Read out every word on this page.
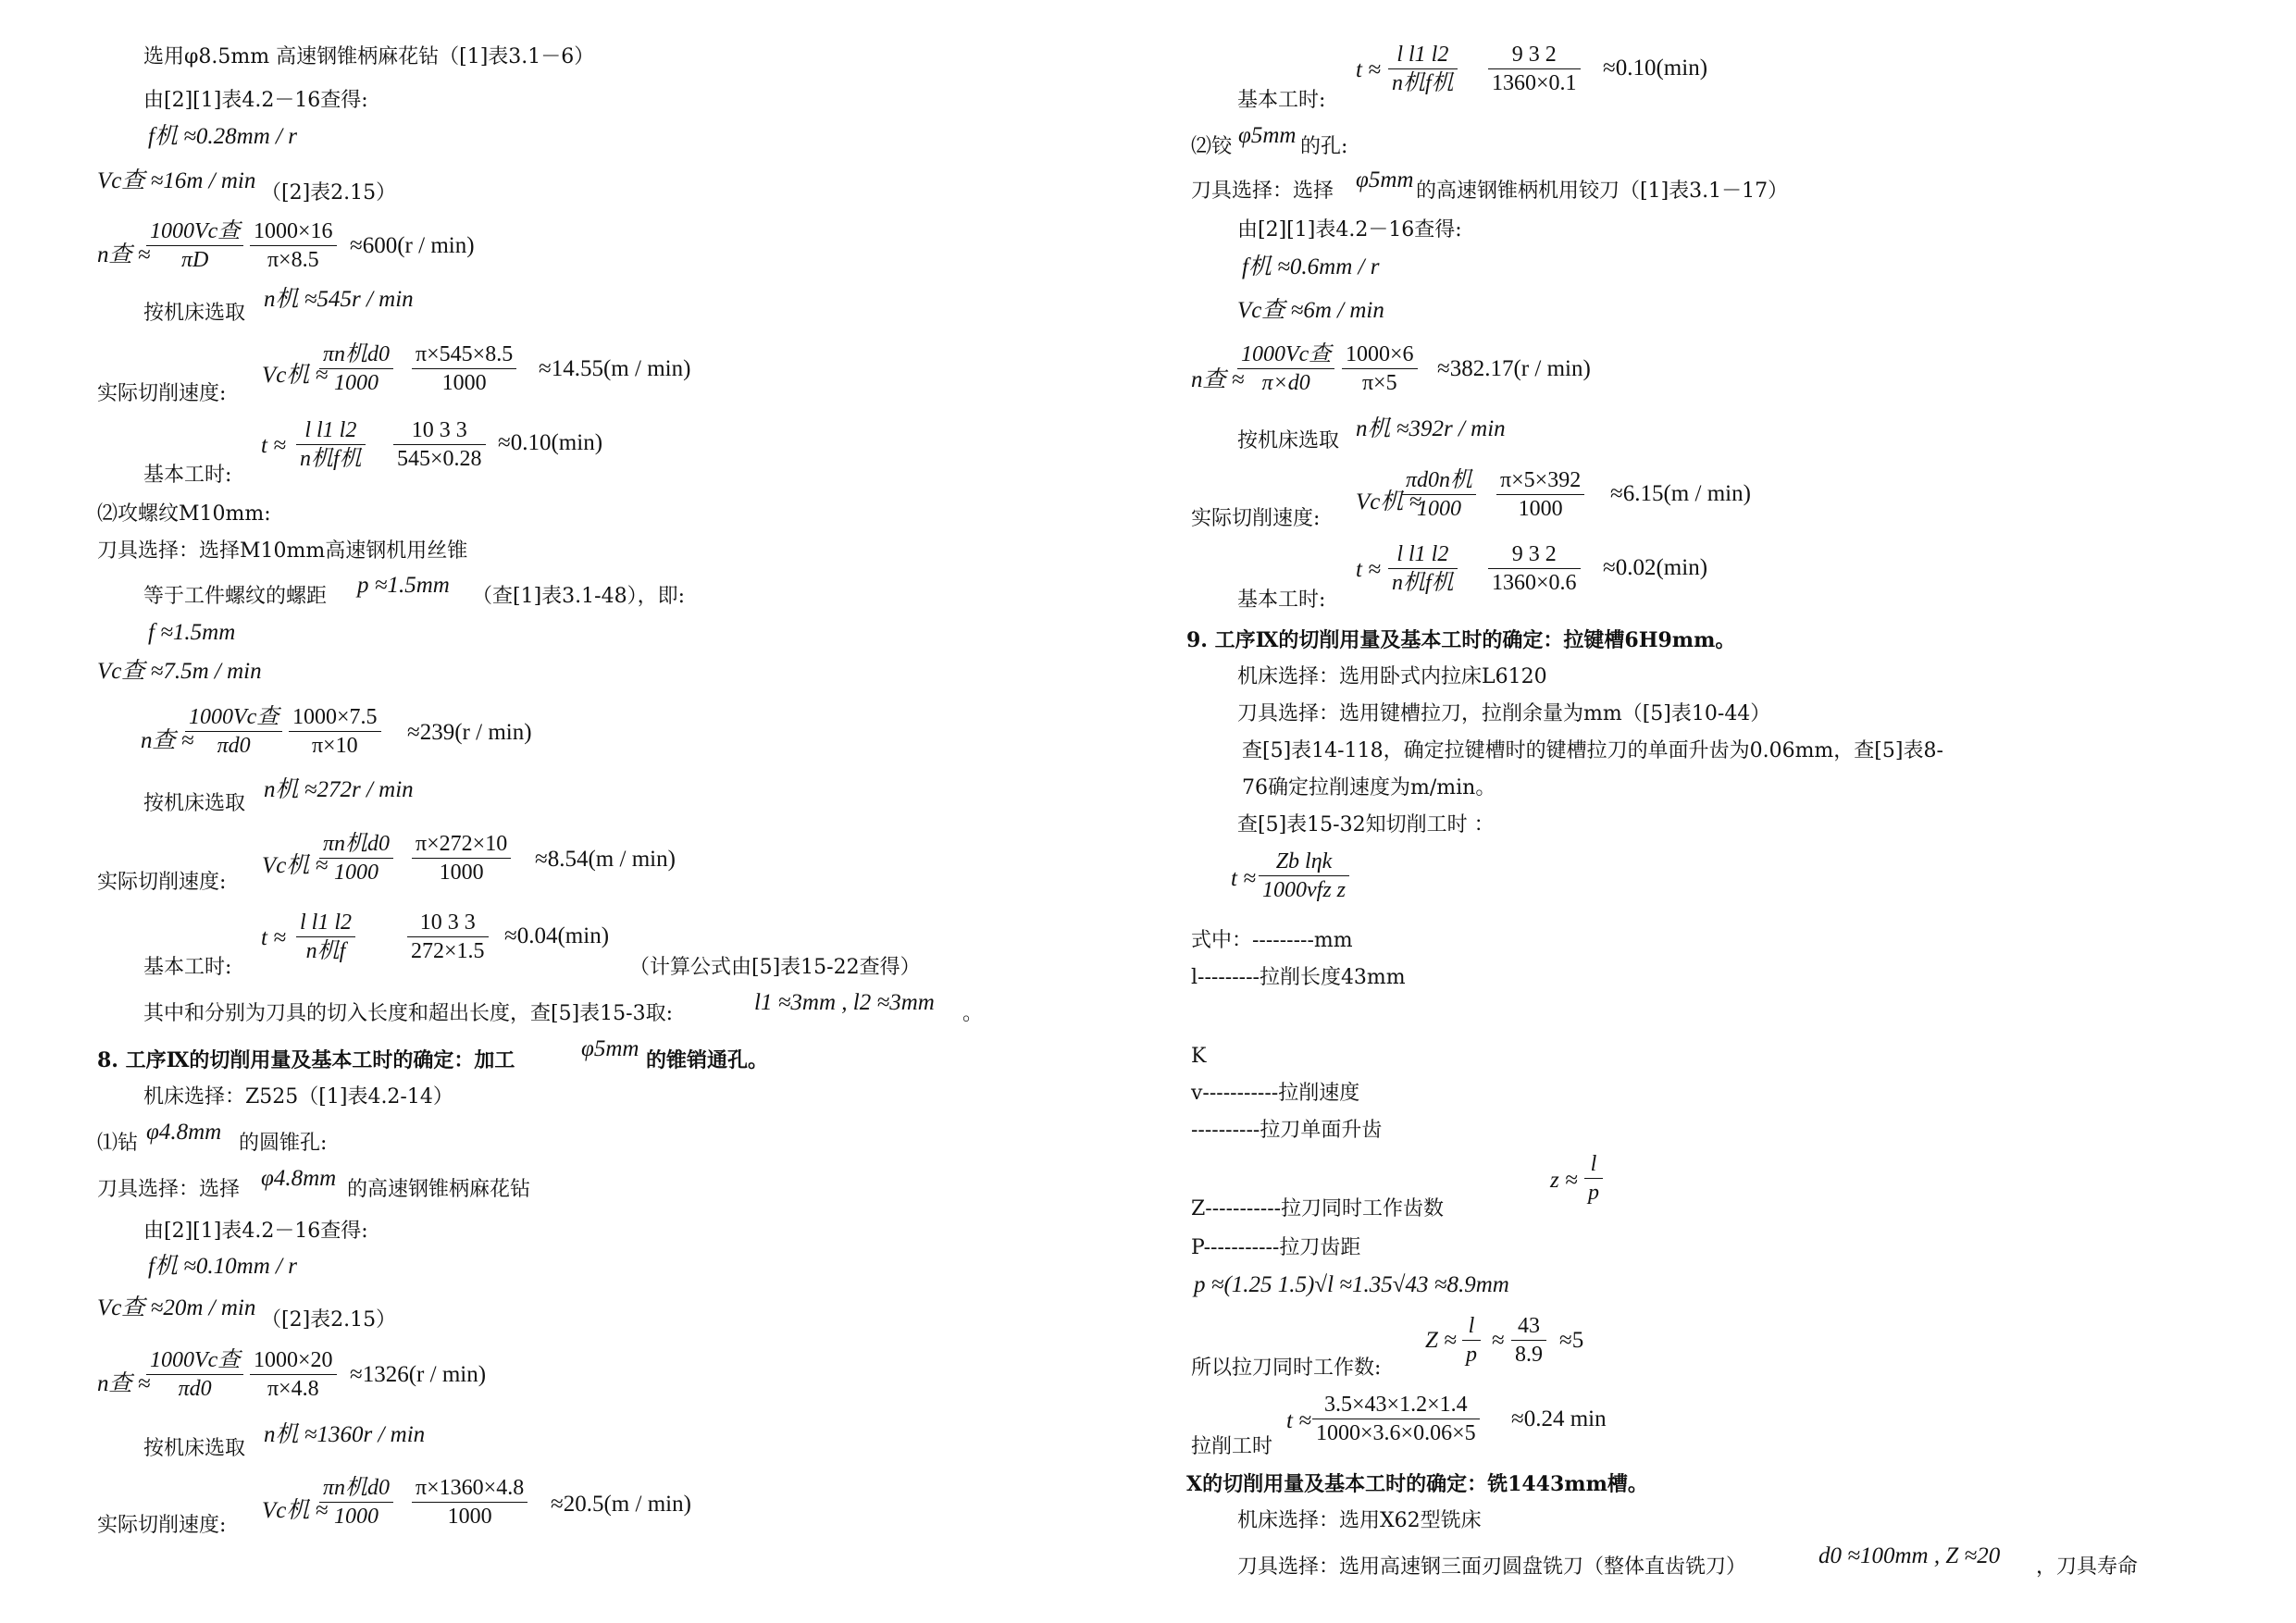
选用φ8.5mm 高速钢锥柄麻花钻（[1]表3.1－6）
由[2][1]表4.2－16查得:
f机 ≈0.28mm / r
Vc查 ≈16m / min （[2]表2.15）
n查 ≈
1000Vc查
πD	$\frac{1000\times 16}{\pi\times 8.5} \approx 600(r / \min)$
按机床选取
n机 ≈545r / min
实际切削速度:
Vc机 ≈
πn机d0
1000	$\frac{\pi\times 545\times 8.5}{1000} \approx 14.55(m / \min)$
t ≈
l l1 l2
n机f机 $\frac{10 3 3}{545\times 0.28} \approx 0.10(\min)$
基本工时:
⑵攻螺纹M10mm:
刀具选择：选择M10mm高速钢机用丝锥
等于工件螺纹的螺距 p ≈1.5mm （查[1]表3.1-48），即:
f ≈1.5mm
Vc查 ≈7.5m / min
n查 ≈
1000Vc查
πd0	$\frac{1000\times 7.5}{\pi\times 10} \approx 239(r / \min)$
按机床选取
n机 ≈272r / min
实际切削速度:
Vc机 ≈
πn机d0
1000	$\frac{\pi\times 272\times 10}{1000} \approx 8.54(m / \min)$
t ≈
l l1 l2
n机f	$\frac{10 3 3}{272\times 1.5} \approx 0.04(\min)$
基本工时:	（计算公式由[5]表15-22查得）
其中和分别为刀具的切入长度和超出长度，查[5]表15-3取:	l1 ≈3mm , l2 ≈3mm 。
8. 工序Ⅸ的切削用量及基本工时的确定：加工	φ5mm 的锥销通孔。
机床选择：Z525（[1]表4.2-14）
⑴钻 φ4.8mm 的圆锥孔:
刀具选择：选择 φ4.8mm 的高速钢锥柄麻花钻
由[2][1]表4.2－16查得:
f机 ≈0.10mm / r
Vc查 ≈20m / min （[2]表2.15）
n查 ≈
1000Vc查
πd0	$\frac{1000\times 20}{\pi\times 4.8} \approx 1326(r / \min)$
按机床选取
n机 ≈1360r / min
实际切削速度:
Vc机 ≈
πn机d0
1000	$\frac{\pi\times 1360\times 4.8}{1000} \approx 20.5(m / \min)$
t ≈
l l1 l2
n机f机 $\frac{9 3 2}{1360\times 0.1} \approx 0.10(\min)$
基本工时:
⑵铰 φ5mm 的孔:
刀具选择：选择 φ5mm 的高速钢锥柄机用铰刀（[1]表3.1－17）
由[2][1]表4.2－16查得:
f机 ≈0.6mm / r
Vc查 ≈6m / min
n查 ≈
1000Vc查
π×d0	$\frac{1000\times 6}{\pi\times 5} \approx 382.17(r / \min)$
按机床选取 n机 ≈392r / min
实际切削速度:
Vc机 ≈
πd0n机
1000	$\frac{\pi\times 5\times 392}{1000} \approx 6.15(m / \min)$
t ≈
l l1 l2
n机f机 $\frac{9 3 2}{1360\times 0.6} \approx 0.02(\min)$
基本工时:
9. 工序Ⅸ的切削用量及基本工时的确定：拉键槽6H9mm。
机床选择：选用卧式内拉床L6120
刀具选择：选用键槽拉刀，拉削余量为mm（[5]表10-44）
查[5]表14-118，确定拉键槽时的键槽拉刀的单面升齿为0.06mm，查[5]表8-
76确定拉削速度为m/min。
查[5]表15-32知切削工时 ：
t ≈
Zb lηk
1000vfz z
式中：---------mm
l---------拉削长度43mm
K
v-----------拉削速度
----------拉刀单面升齿
$z \approx \frac{l}{p}$
Z-----------拉刀同时工作齿数
P-----------拉刀齿距
p ≈(1.25 1.5)√l ≈1.35√43 ≈8.9mm
$Z \approx \frac{l}{p} \approx \frac{43}{8.9} \approx 5$
所以拉刀同时工作数:
$t \approx \frac{3.5\times 43\times 1.2\times 1.4}{1000\times 3.6\times 0.06\times 5} \approx 0.24$ min
拉削工时
Ⅹ的切削用量及基本工时的确定：铣1443mm槽。
机床选择：选用X62型铣床
刀具选择：选用高速钢三面刃圆盘铣刀（整体直齿铣刀）	d0 ≈100mm , Z ≈20 ，刀具寿命
